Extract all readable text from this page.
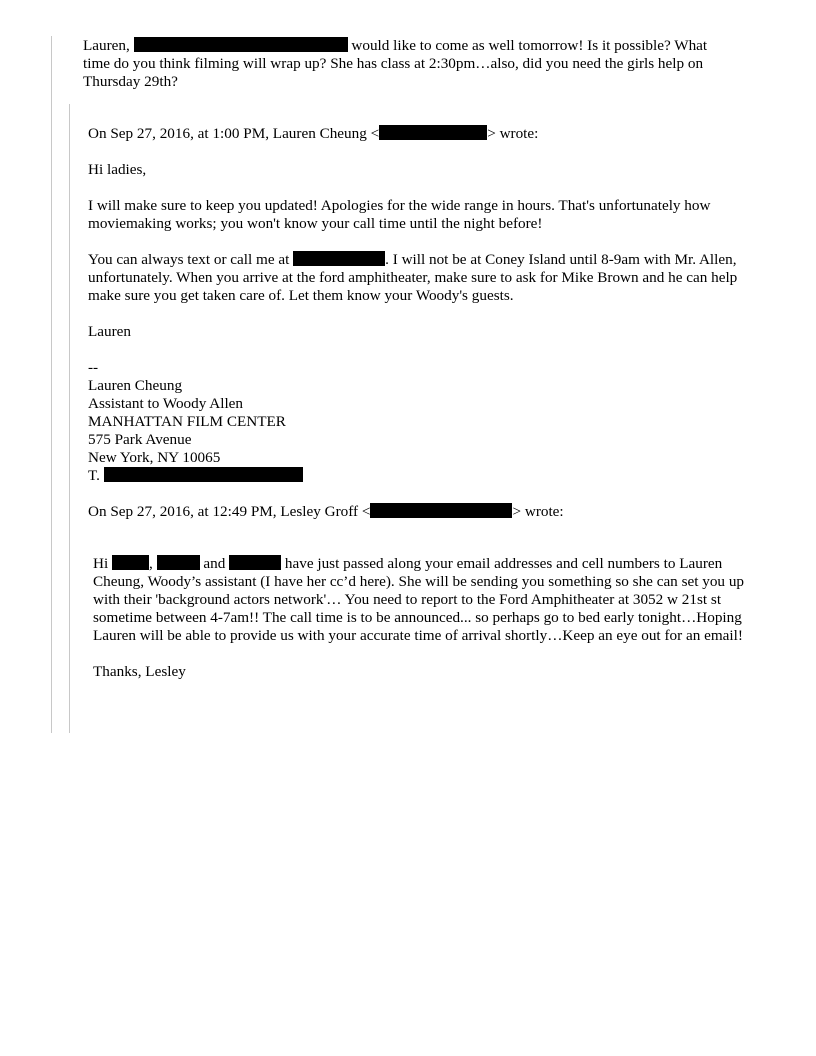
Lauren,	would like to come as well tomorrow! Is it possible? What

time do you think filming will wrap up? She has class at 2:30pm…also, did you need the girls help on

Thursday 29th?

On Sep 27, 2016, at 1:00 PM, Lauren Cheung <	> wrote:

Hi ladies,

I will make sure to keep you updated! Apologies for the wide range in hours. That's unfortunately how moviemaking works; you won't know your call time until the night before!

You can always text or call me at	. I will not be at Coney Island until 8-9am with Mr. Allen, unfortunately. When you arrive at the ford amphitheater, make sure to ask for Mike Brown and he can help make sure you get taken care of. Let them know your Woody's guests.

Lauren

--

Lauren Cheung

Assistant to Woody Allen

MANHATTAN FILM CENTER

575 Park Avenue

New York, NY 10065

T.

On Sep 27, 2016, at 12:49 PM, Lesley Groff <	> wrote:

Hi	,	and	have just passed along your email addresses and cell numbers to Lauren Cheung, Woody’s assistant (I have her cc’d here). She will be sending you something so she can set you up with their 'background actors network'… You need to report to the Ford Amphitheater at 3052 w 21st st sometime between 4-7am!! The call time is to be announced... so perhaps go to bed early tonight…Hoping Lauren will be able to provide us with your accurate time of arrival shortly…Keep an eye out for an email!

Thanks, Lesley
